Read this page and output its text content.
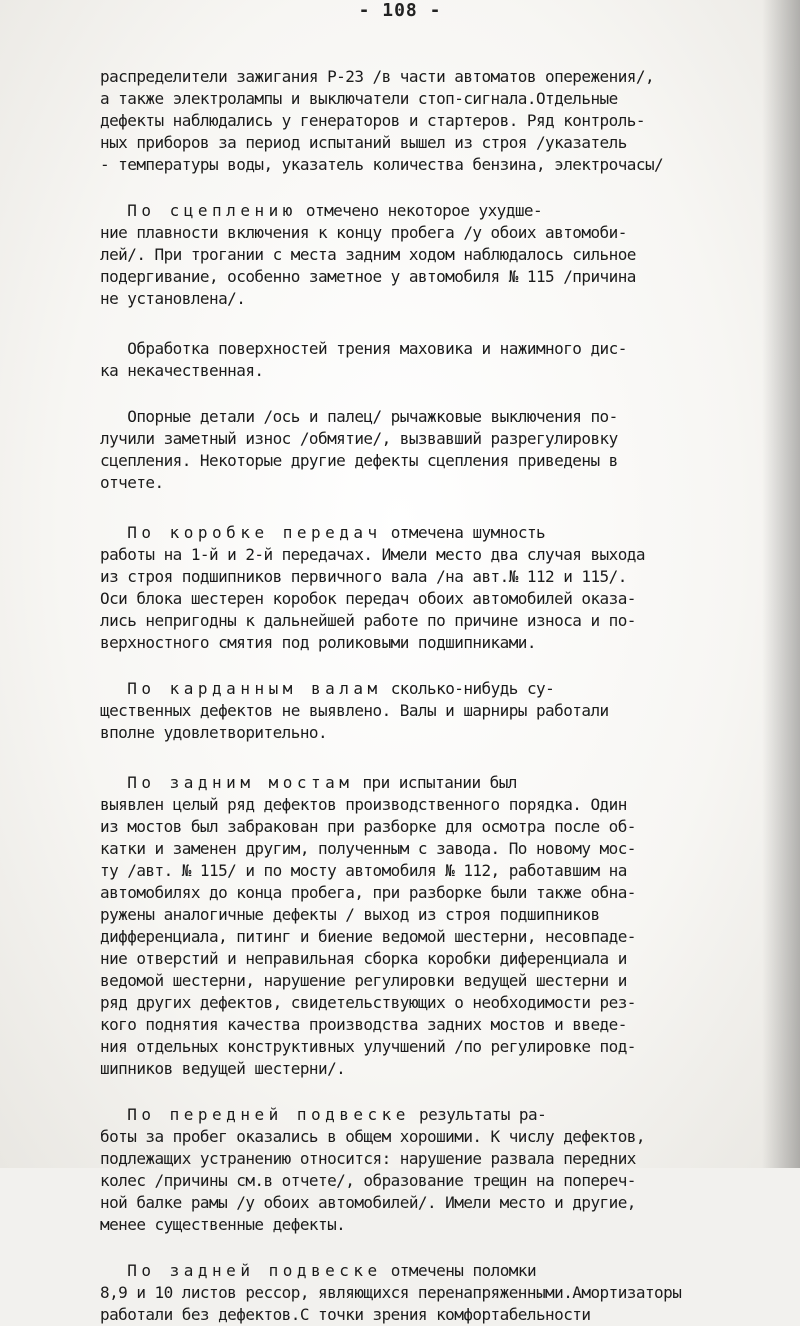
- 108 -
распределители зажигания Р-23 /в части автоматов опережения/,
а также электролампы и выключатели стоп-сигнала.Отдельные
дефекты наблюдались у генераторов и стартеров. Ряд контроль-
ных приборов за период испытаний вышел из строя /указатель
- температуры воды, указатель количества бензина, электрочасы/
По сцеплению отмечено некоторое ухудше-
ние плавности включения к концу пробега /у обоих автомоби-
лей/. При трогании с места задним ходом наблюдалось сильное
подергивание, особенно заметное у автомобиля № 115 /причина
не установлена/.
Обработка поверхностей трения маховика и нажимного дис-
ка некачественная.
Опорные детали /ось и палец/ рычажковые выключения по-
лучили заметный износ /обмятие/, вызвавший разрегулировку
сцепления. Некоторые другие дефекты сцепления приведены в
отчете.
По коробке передач отмечена шумность
работы на 1-й и 2-й передачах. Имели место два случая выхода
из строя подшипников первичного вала /на авт.№ 112 и 115/.
Оси блока шестерен коробок передач обоих автомобилей оказа-
лись непригодны к дальнейшей работе по причине износа и по-
верхностного смятия под роликовыми подшипниками.
По карданным валам сколько-нибудь су-
щественных дефектов не выявлено. Валы и шарниры работали
вполне удовлетворительно.
По задним мостам при испытании был
выявлен целый ряд дефектов производственного порядка. Один
из мостов был забракован при разборке для осмотра после об-
катки и заменен другим, полученным с завода. По новому мос-
ту /авт. № 115/ и по мосту автомобиля № 112, работавшим на
автомобилях до конца пробега, при разборке были также обна-
ружены аналогичные дефекты / выход из строя подшипников
дифференциала, питинг и биение ведомой шестерни, несовпаде-
ние отверстий и неправильная сборка коробки диференциала и
ведомой шестерни, нарушение регулировки ведущей шестерни и
ряд других дефектов, свидетельствующих о необходимости рез-
кого поднятия качества производства задних мостов и введе-
ния отдельных конструктивных улучшений /по регулировке под-
шипников ведущей шестерни/.
По передней подвеске результаты ра-
боты за пробег оказались в общем хорошими. К числу дефектов,
подлежащих устранению относится: нарушение развала передних
колес /причины см.в отчете/, образование трещин на попереч-
ной балке рамы /у обоих автомобилей/. Имели место и другие,
менее существенные дефекты.
По задней подвеске отмечены поломки
8,9 и 10 листов рессор, являющихся перенапряженными.Амортизаторы работали без дефектов.С точки зрения комфортабельности
